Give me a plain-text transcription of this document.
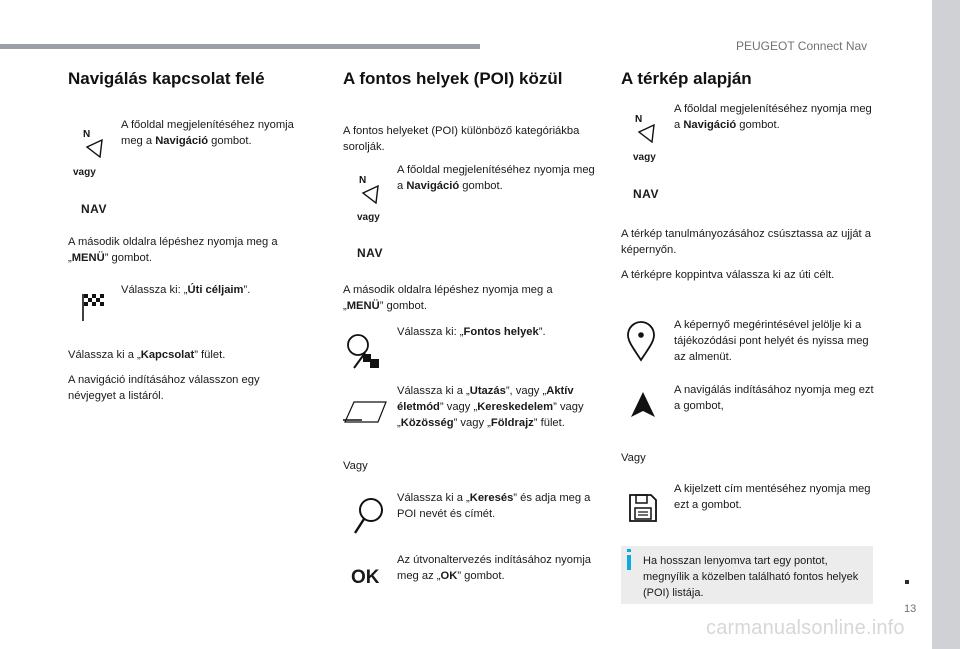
PEUGEOT Connect Nav
13
carmanualsonline.info
Navigálás kapcsolat felé
N

A főoldal megjelenítéséhez nyomja meg a Navigáció gombot.

vagy
NAV

A második oldalra lépéshez nyomja meg a „MENÜ” gombot.

Válassza ki: „Úti céljaim”.

Válassza ki a „Kapcsolat” fület.

A navigáció indításához válasszon egy névjegyet a listáról.

A fontos helyek (POI) közül

A fontos helyeket (POI) különböző kategóriákba sorolják.

N

A főoldal megjelenítéséhez nyomja meg a Navigáció gombot.

vagy
NAV

A második oldalra lépéshez nyomja meg a „MENÜ” gombot.

Válassza ki: „Fontos helyek”.

Válassza ki a „Utazás”, vagy „Aktív életmód” vagy „Kereskedelem” vagy „Közösség” vagy „Földrajz” fület.

Vagy

Válassza ki a „Keresés” és adja meg a POI nevét és címét.

OK

Az útvonaltervezés indításához nyomja meg az „OK” gombot.

A térkép alapján
N

A főoldal megjelenítéséhez nyomja meg a Navigáció gombot.

vagy
NAV

A térkép tanulmányozásához csúsztassa az ujját a képernyőn.

A térképre koppintva válassza ki az úti célt.

A képernyő megérintésével jelölje ki a tájékozódási pont helyét és nyissa meg az almenüt.

A navigálás indításához nyomja meg ezt a gombot,

Vagy

A kijelzett cím mentéséhez nyomja meg ezt a gombot.

Ha hosszan lenyomva tart egy pontot, megnyílik a közelben található fontos helyek (POI) listája.
